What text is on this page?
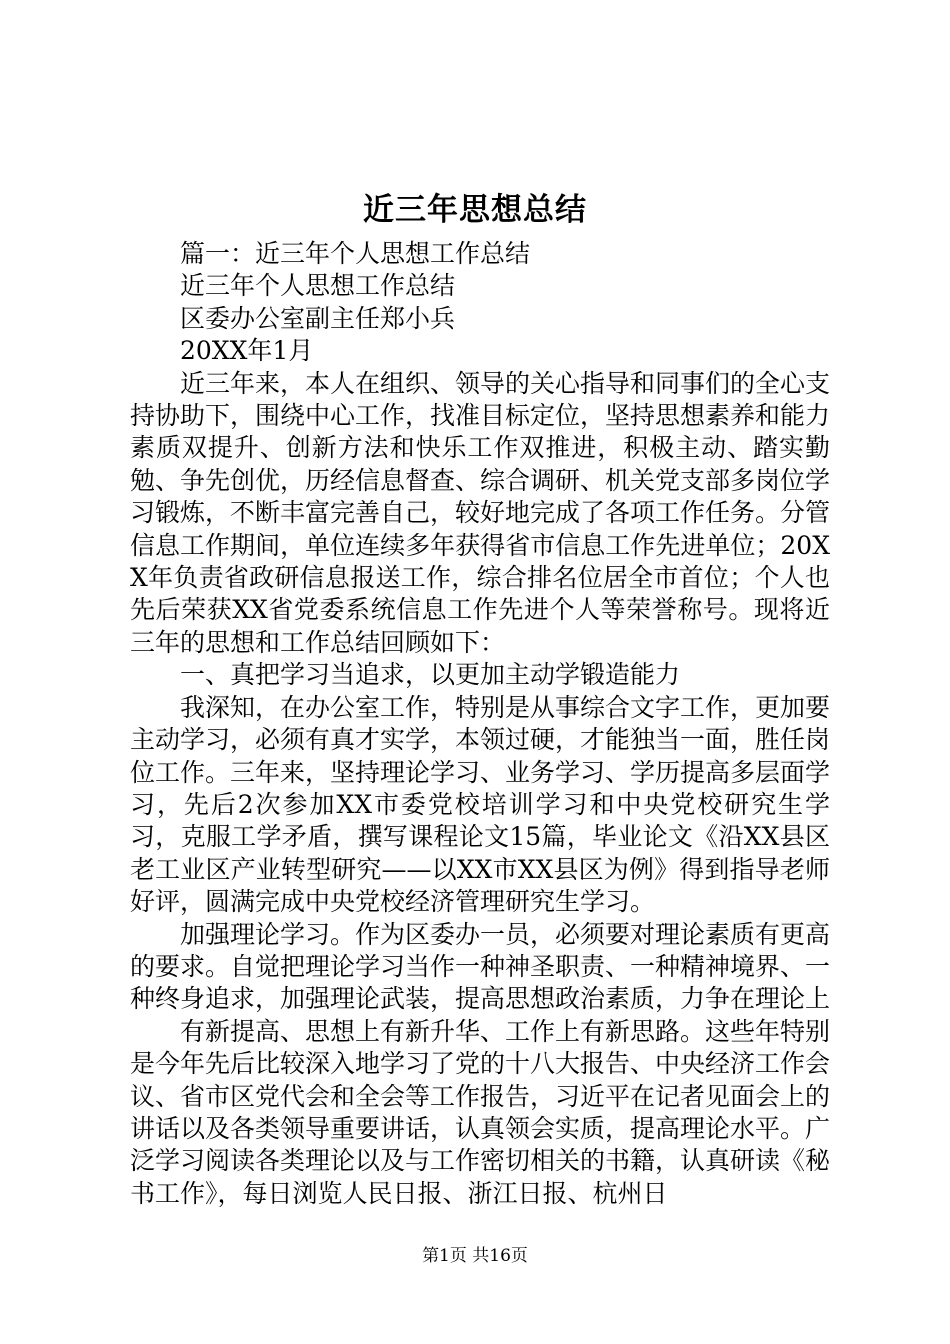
近三年思想总结

篇一：近三年个人思想工作总结

近三年个人思想工作总结

区委办公室副主任郑小兵

20XX年1月

近三年来，本人在组织、领导的关心指导和同事们的全心支持协助下，围绕中心工作，找准目标定位，坚持思想素养和能力素质双提升、创新方法和快乐工作双推进，积极主动、踏实勤勉、争先创优，历经信息督查、综合调研、机关党支部多岗位学习锻炼，不断丰富完善自己，较好地完成了各项工作任务。分管信息工作期间，单位连续多年获得省市信息工作先进单位；20XX年负责省政研信息报送工作，综合排名位居全市首位；个人也先后荣获XX省党委系统信息工作先进个人等荣誉称号。现将近三年的思想和工作总结回顾如下：

一、真把学习当追求，以更加主动学锻造能力

我深知，在办公室工作，特别是从事综合文字工作，更加要主动学习，必须有真才实学，本领过硬，才能独当一面，胜任岗位工作。三年来，坚持理论学习、业务学习、学历提高多层面学习，先后2次参加XX市委党校培训学习和中央党校研究生学习，克服工学矛盾，撰写课程论文15篇，毕业论文《沿XX县区老工业区产业转型研究——以XX市XX县区为例》得到指导老师好评，圆满完成中央党校经济管理研究生学习。

加强理论学习。作为区委办一员，必须要对理论素质有更高的要求。自觉把理论学习当作一种神圣职责、一种精神境界、一种终身追求，加强理论武装，提高思想政治素质，力争在理论上

有新提高、思想上有新升华、工作上有新思路。这些年特别是今年先后比较深入地学习了党的十八大报告、中央经济工作会议、省市区党代会和全会等工作报告，习近平在记者见面会上的讲话以及各类领导重要讲话，认真领会实质，提高理论水平。广泛学习阅读各类理论以及与工作密切相关的书籍，认真研读《秘书工作》，每日浏览人民日报、浙江日报、杭州日

第1页 共16页
